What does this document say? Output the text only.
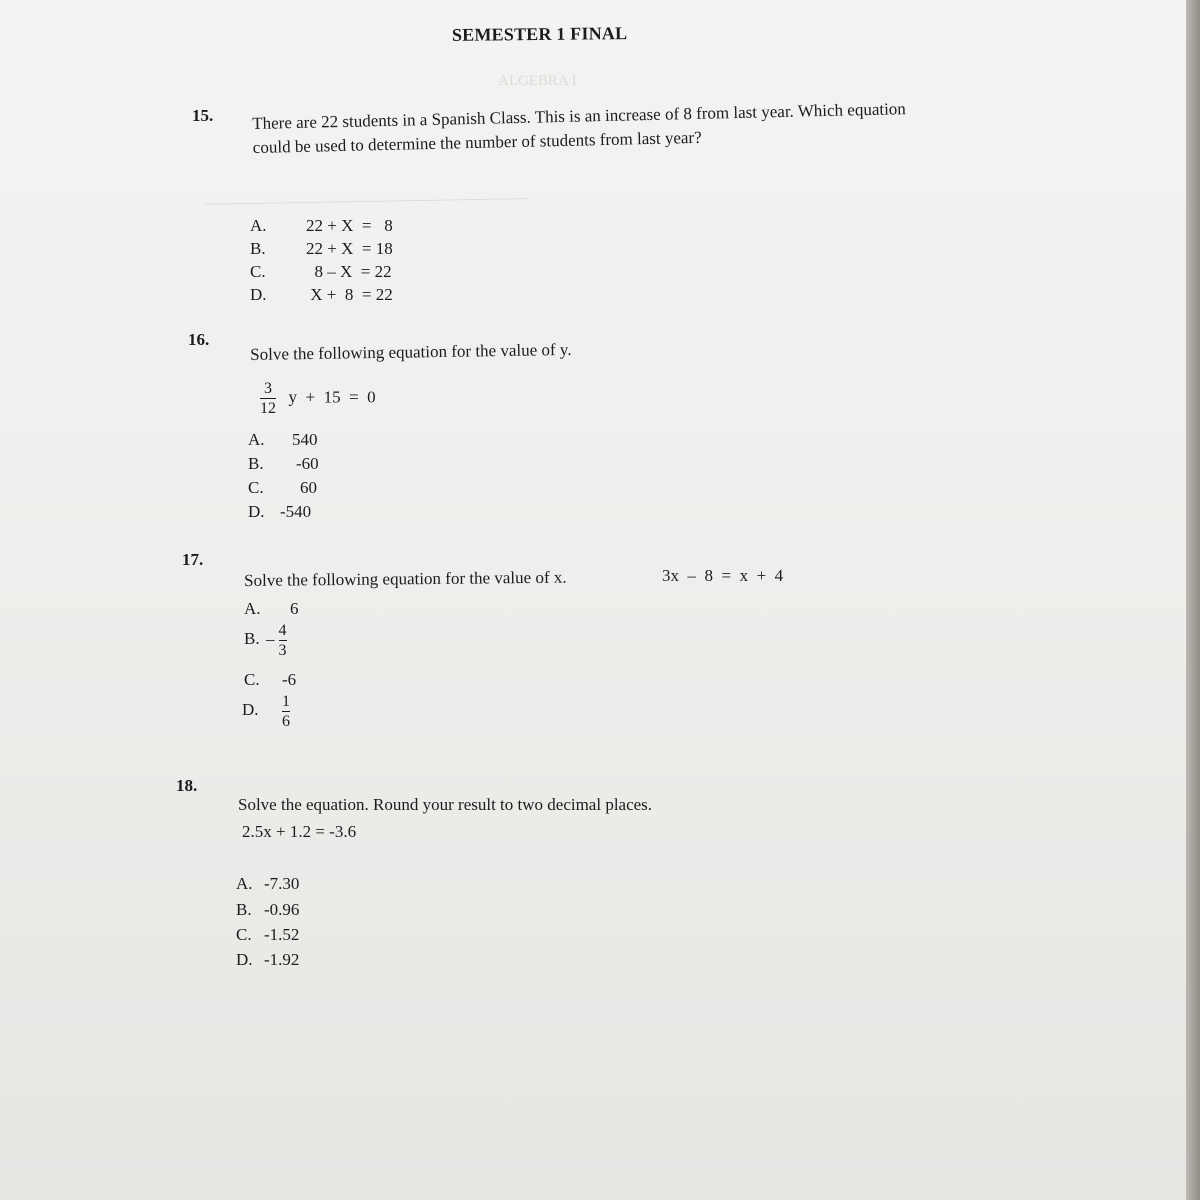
ALGEBRA I
______________________________________
SEMESTER 1 FINAL
15. There are 22 students in a Spanish Class. This is an increase of 8 from last year. Which equation could be used to determine the number of students from last year?
A. 22 + X  =   8
B. 22 + X  = 18
C.  8 – X  = 22
D. X +  8  = 22
16.
Solve the following equation for the value of y.
$\frac{3}{12}$ y  +  15  =  0
A. 540
B. -60
C. 60
D. -540
17.
Solve the following equation for the value of x.	3x  –  8  =  x  +  4
A. 6
B. – $\frac{4}{3}$
C. -6
D. $\frac{1}{6}$
18.
Solve the equation. Round your result to two decimal places.
2.5x + 1.2 = -3.6
A. -7.30
B. -0.96
C. -1.52
D. -1.92
